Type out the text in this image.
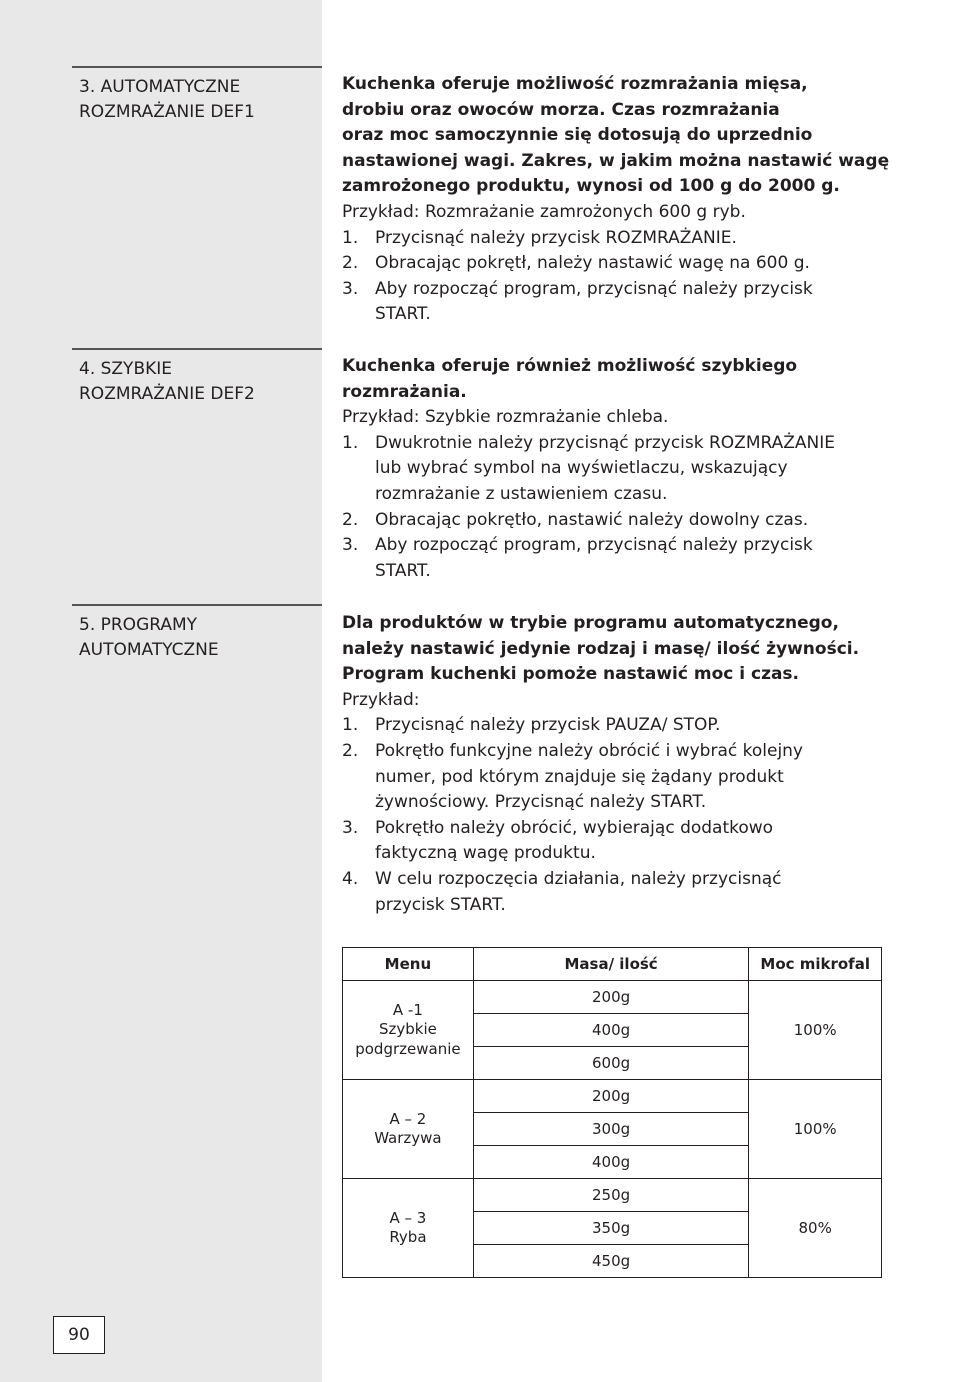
3. AUTOMATYCZNE
ROZMRAŻANIE DEF1
Kuchenka oferuje możliwość rozmrażania mięsa,
drobiu oraz owoców morza. Czas rozmrażania
oraz moc samoczynnie się dotosują do uprzednio
nastawionej wagi. Zakres, w jakim można nastawić wagę
zamrożonego produktu, wynosi od 100 g do 2000 g.
Przykład: Rozmrażanie zamrożonych 600 g ryb.
1. Przycisnąć należy przycisk ROZMRAŻANIE.
2. Obracając pokrętł, należy nastawić wagę na 600 g.
3. Aby rozpocząć program, przycisnąć należy przycisk
START.
4. SZYBKIE
ROZMRAŻANIE DEF2
Kuchenka oferuje również możliwość szybkiego
rozmrażania.
Przykład: Szybkie rozmrażanie chleba.
1. Dwukrotnie należy przycisnąć przycisk ROZMRAŻANIE
lub wybrać symbol na wyświetlaczu, wskazujący
rozmrażanie z ustawieniem czasu.
2. Obracając pokrętło, nastawić należy dowolny czas.
3. Aby rozpocząć program, przycisnąć należy przycisk
START.
5. PROGRAMY
AUTOMATYCZNE
Dla produktów w trybie programu automatycznego,
należy nastawić jedynie rodzaj i masę/ ilość żywności.
Program kuchenki pomoże nastawić moc i czas.
Przykład:
1. Przycisnąć należy przycisk PAUZA/ STOP.
2. Pokrętło funkcyjne należy obrócić i wybrać kolejny
numer, pod którym znajduje się żądany produkt
żywnościowy. Przycisnąć należy START.
3. Pokrętło należy obrócić, wybierając dodatkowo
faktyczną wagę produktu.
4. W celu rozpoczęcia działania, należy przycisnąć
przycisk START.
Menu	Masa/ ilość	Moc mikrofal

A -1
Szybkie
podgrzewanie	200g	100%
	400g	
	600g	

A – 2
Warzywa	200g	100%
	300g	
	400g	

A – 3
Ryba	250g	80%
	350g	
	450g	
90
